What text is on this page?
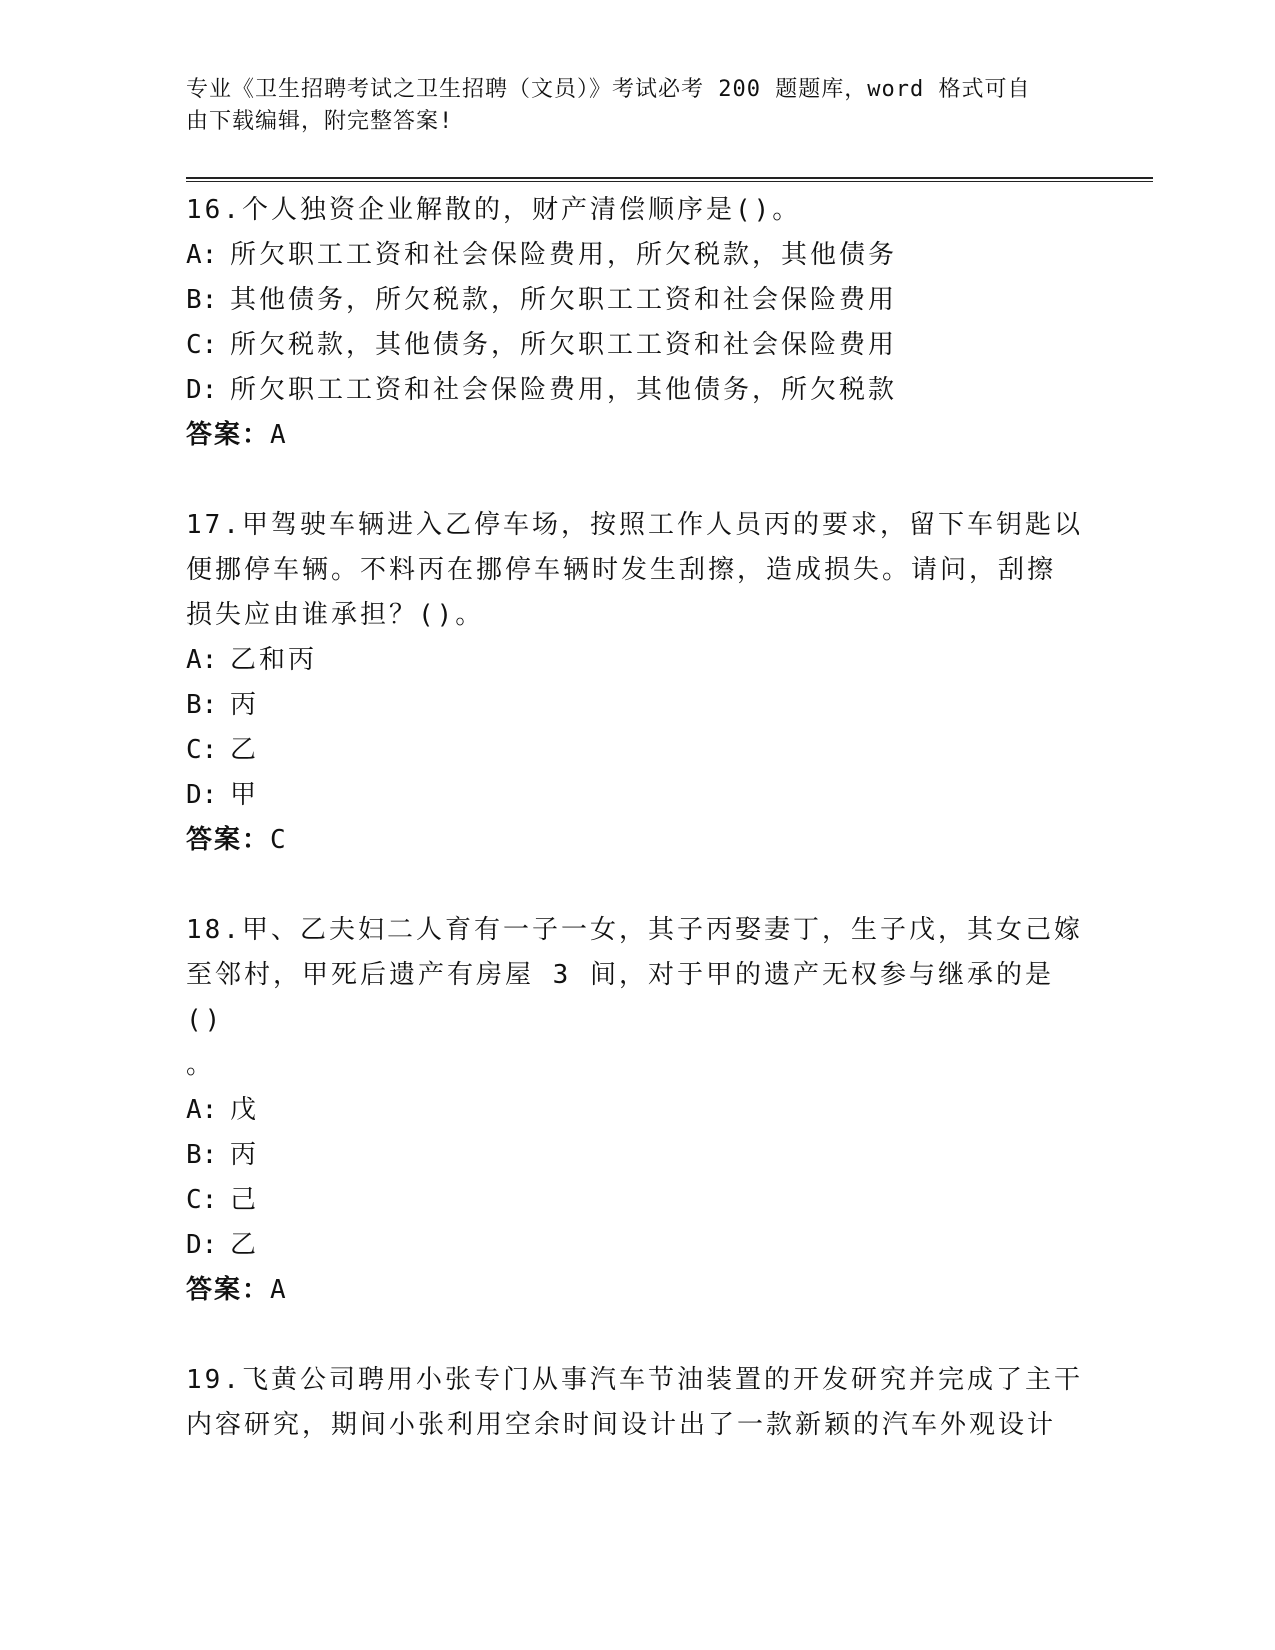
专业《卫生招聘考试之卫生招聘（文员）》考试必考 200 题题库，word 格式可自
由下载编辑，附完整答案!
16.个人独资企业解散的，财产清偿顺序是()。
A: 所欠职工工资和社会保险费用，所欠税款，其他债务
B: 其他债务，所欠税款，所欠职工工资和社会保险费用
C: 所欠税款，其他债务，所欠职工工资和社会保险费用
D: 所欠职工工资和社会保险费用，其他债务，所欠税款
答案：A
17.甲驾驶车辆进入乙停车场，按照工作人员丙的要求，留下车钥匙以
便挪停车辆。不料丙在挪停车辆时发生刮擦，造成损失。请问，刮擦
损失应由谁承担？()。
A: 乙和丙
B: 丙
C: 乙
D: 甲
答案：C
18.甲、乙夫妇二人育有一子一女，其子丙娶妻丁，生子戊，其女己嫁
至邻村，甲死后遗产有房屋 3 间，对于甲的遗产无权参与继承的是()
。
A: 戊
B: 丙
C: 己
D: 乙
答案：A
19.飞黄公司聘用小张专门从事汽车节油装置的开发研究并完成了主干
内容研究，期间小张利用空余时间设计出了一款新颖的汽车外观设计
